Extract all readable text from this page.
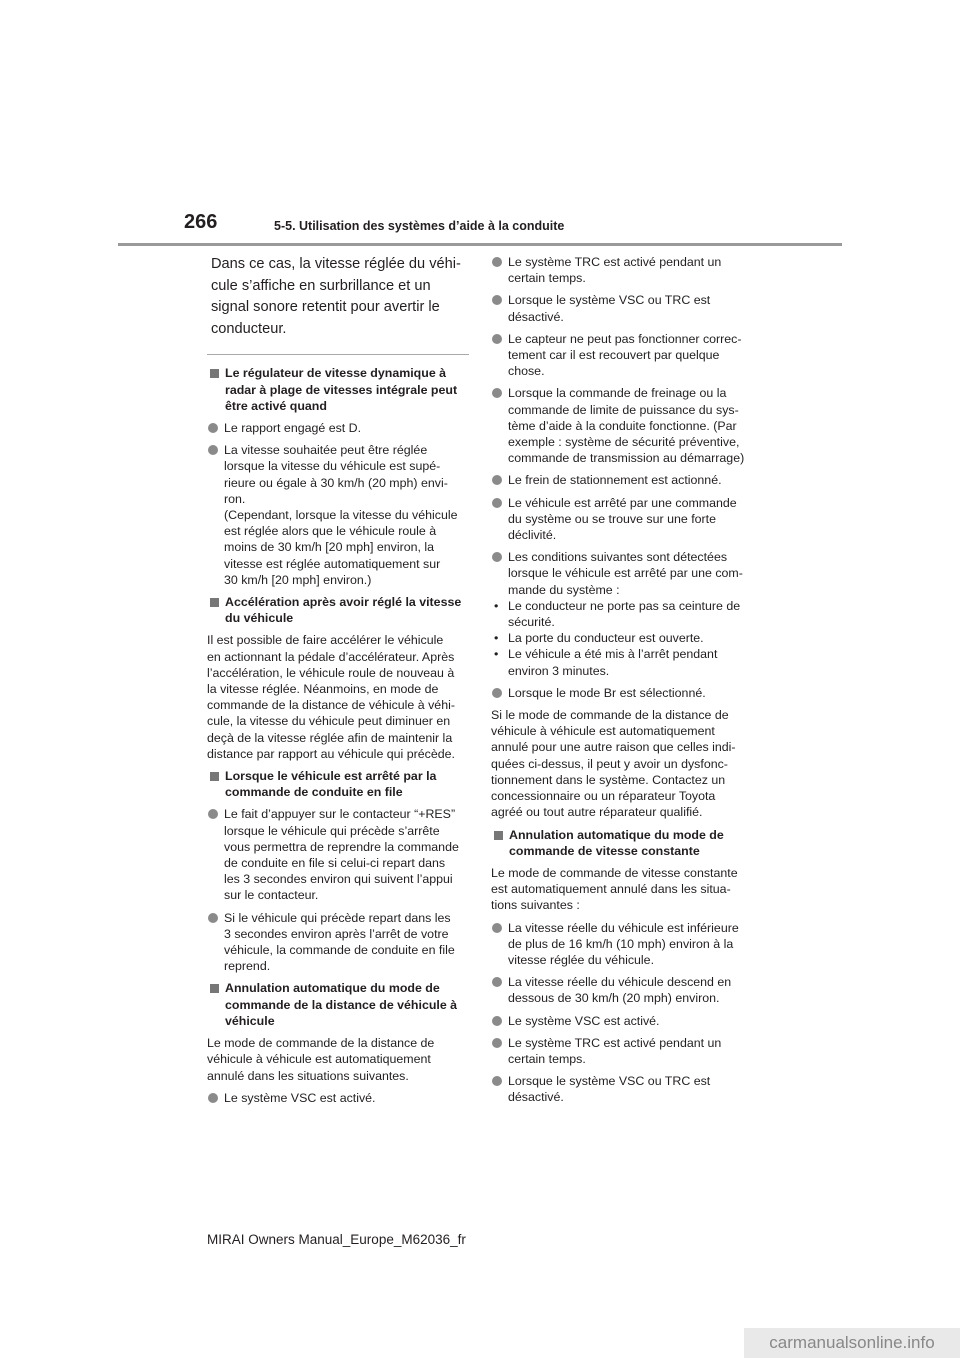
266	5-5. Utilisation des systèmes d’aide à la conduite

Dans ce cas, la vitesse réglée du véhi-
cule s’affiche en surbrillance et un
signal sonore retentit pour avertir le
conducteur.

Le régulateur de vitesse dynamique à
radar à plage de vitesses intégrale peut
être activé quand
Le rapport engagé est D.
La vitesse souhaitée peut être réglée
lorsque la vitesse du véhicule est supé-
rieure ou égale à 30 km/h (20 mph) envi-
ron.
(Cependant, lorsque la vitesse du véhicule
est réglée alors que le véhicule roule à
moins de 30 km/h [20 mph] environ, la
vitesse est réglée automatiquement sur
30 km/h [20 mph] environ.)
Accélération après avoir réglé la vitesse
du véhicule
Il est possible de faire accélérer le véhicule
en actionnant la pédale d’accélérateur. Après
l’accélération, le véhicule roule de nouveau à
la vitesse réglée. Néanmoins, en mode de
commande de la distance de véhicule à véhi-
cule, la vitesse du véhicule peut diminuer en
deçà de la vitesse réglée afin de maintenir la
distance par rapport au véhicule qui précède.
Lorsque le véhicule est arrêté par la
commande de conduite en file
Le fait d’appuyer sur le contacteur “+RES”
lorsque le véhicule qui précède s’arrête
vous permettra de reprendre la commande
de conduite en file si celui-ci repart dans
les 3 secondes environ qui suivent l’appui
sur le contacteur.
Si le véhicule qui précède repart dans les
3 secondes environ après l’arrêt de votre
véhicule, la commande de conduite en file
reprend.
Annulation automatique du mode de
commande de la distance de véhicule à
véhicule
Le mode de commande de la distance de
véhicule à véhicule est automatiquement
annulé dans les situations suivantes.
Le système VSC est activé.
Le système TRC est activé pendant un
certain temps.
Lorsque le système VSC ou TRC est
désactivé.
Le capteur ne peut pas fonctionner correc-
tement car il est recouvert par quelque
chose.
Lorsque la commande de freinage ou la
commande de limite de puissance du sys-
tème d’aide à la conduite fonctionne. (Par
exemple : système de sécurité préventive,
commande de transmission au démarrage)
Le frein de stationnement est actionné.
Le véhicule est arrêté par une commande
du système ou se trouve sur une forte
déclivité.
Les conditions suivantes sont détectées
lorsque le véhicule est arrêté par une com-
mande du système :
• Le conducteur ne porte pas sa ceinture de
sécurité.
• La porte du conducteur est ouverte.
• Le véhicule a été mis à l’arrêt pendant
environ 3 minutes.
Lorsque le mode Br est sélectionné.
Si le mode de commande de la distance de
véhicule à véhicule est automatiquement
annulé pour une autre raison que celles indi-
quées ci-dessus, il peut y avoir un dysfonc-
tionnement dans le système. Contactez un
concessionnaire ou un réparateur Toyota
agréé ou tout autre réparateur qualifié.
Annulation automatique du mode de
commande de vitesse constante
Le mode de commande de vitesse constante
est automatiquement annulé dans les situa-
tions suivantes :
La vitesse réelle du véhicule est inférieure
de plus de 16 km/h (10 mph) environ à la
vitesse réglée du véhicule.
La vitesse réelle du véhicule descend en
dessous de 30 km/h (20 mph) environ.
Le système VSC est activé.
Le système TRC est activé pendant un
certain temps.
Lorsque le système VSC ou TRC est
désactivé.
MIRAI Owners Manual_Europe_M62036_fr
carmanualsonline.info
